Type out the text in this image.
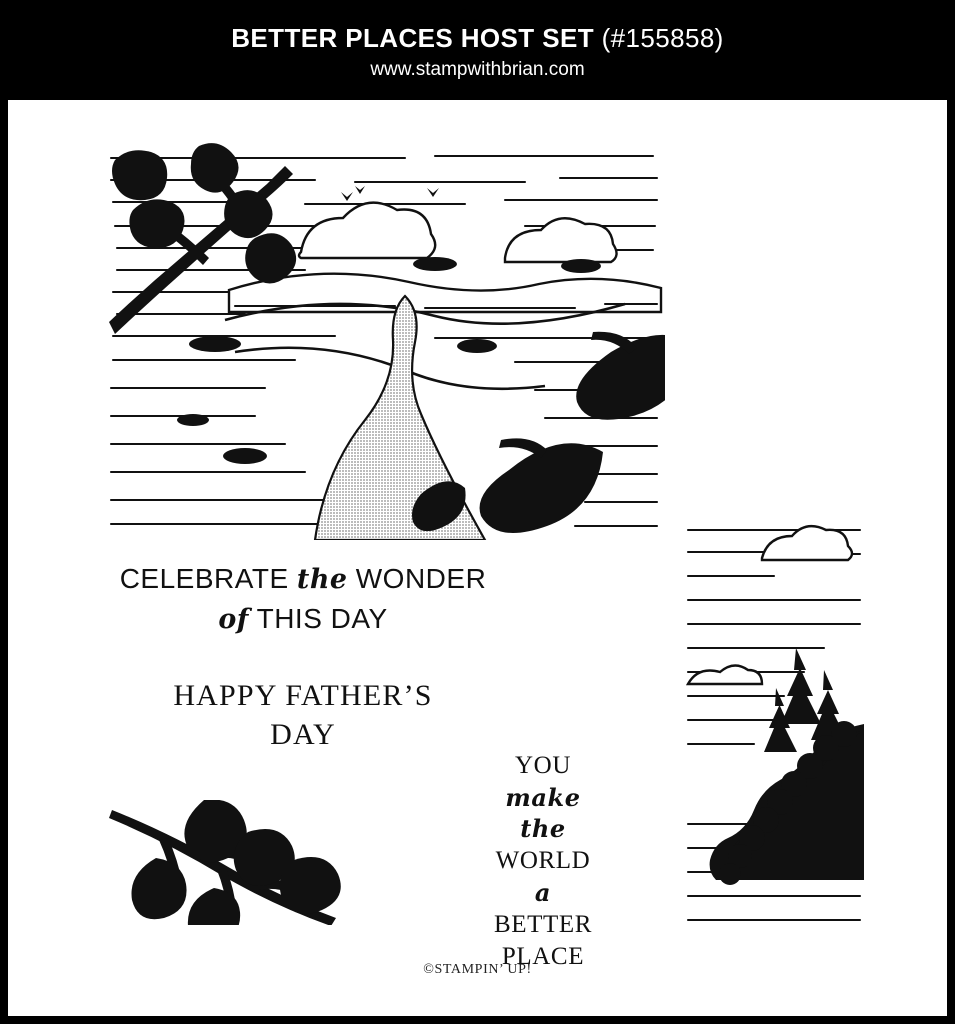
BETTER PLACES HOST SET (#155858)
www.stampwithbrian.com
CELEBRATE the WONDER
of THIS DAY
HAPPY FATHER’S
DAY
YOU
make
the
WORLD
a
BETTER
PLACE
©STAMPIN’ UP!
